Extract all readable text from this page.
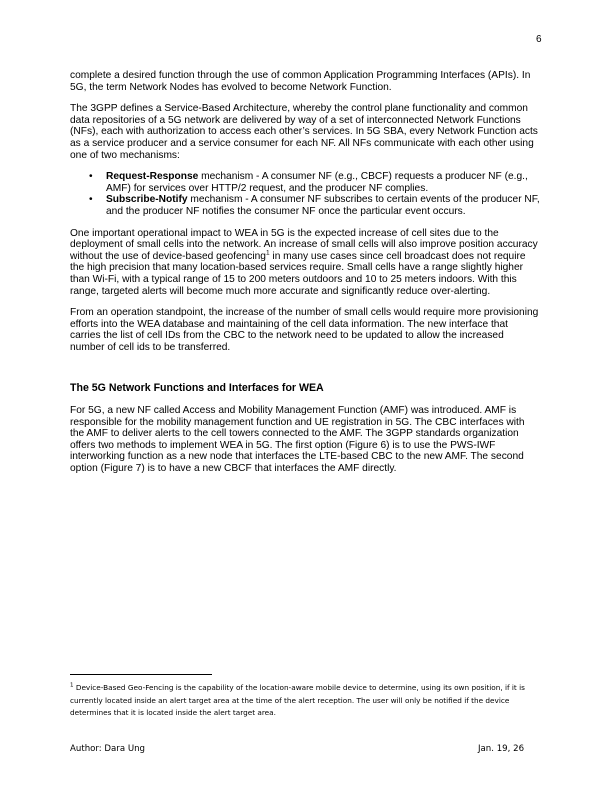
6

complete a desired function through the use of common Application Programming Interfaces (APIs). In 5G, the term Network Nodes has evolved to become Network Function.

The 3GPP defines a Service-Based Architecture, whereby the control plane functionality and common data repositories of a 5G network are delivered by way of a set of interconnected Network Functions (NFs), each with authorization to access each other’s services. In 5G SBA, every Network Function acts as a service producer and a service consumer for each NF. All NFs communicate with each other using one of two mechanisms:

• Request-Response mechanism - A consumer NF (e.g., CBCF) requests a producer NF (e.g., AMF) for services over HTTP/2 request, and the producer NF complies.
• Subscribe-Notify mechanism - A consumer NF subscribes to certain events of the producer NF, and the producer NF notifies the consumer NF once the particular event occurs.

One important operational impact to WEA in 5G is the expected increase of cell sites due to the deployment of small cells into the network. An increase of small cells will also improve position accuracy without the use of device-based geofencing$^1$ in many use cases since cell broadcast does not require the high precision that many location-based services require. Small cells have a range slightly higher than Wi-Fi, with a typical range of 15 to 200 meters outdoors and 10 to 25 meters indoors. With this range, targeted alerts will become much more accurate and significantly reduce over-alerting.

From an operation standpoint, the increase of the number of small cells would require more provisioning efforts into the WEA database and maintaining of the cell data information. The new interface that carries the list of cell IDs from the CBC to the network need to be updated to allow the increased number of cell ids to be transferred.

The 5G Network Functions and Interfaces for WEA

For 5G, a new NF called Access and Mobility Management Function (AMF) was introduced. AMF is responsible for the mobility management function and UE registration in 5G. The CBC interfaces with the AMF to deliver alerts to the cell towers connected to the AMF. The 3GPP standards organization offers two methods to implement WEA in 5G. The first option (Figure 6) is to use the PWS-IWF interworking function as a new node that interfaces the LTE-based CBC to the new AMF. The second option (Figure 7) is to have a new CBCF that interfaces the AMF directly.

$^1$ Device-Based Geo-Fencing is the capability of the location-aware mobile device to determine, using its own position, if it is currently located inside an alert target area at the time of the alert reception. The user will only be notified if the device determines that it is located inside the alert target area.
Author: Dara Ung	Jan. 19, 26
